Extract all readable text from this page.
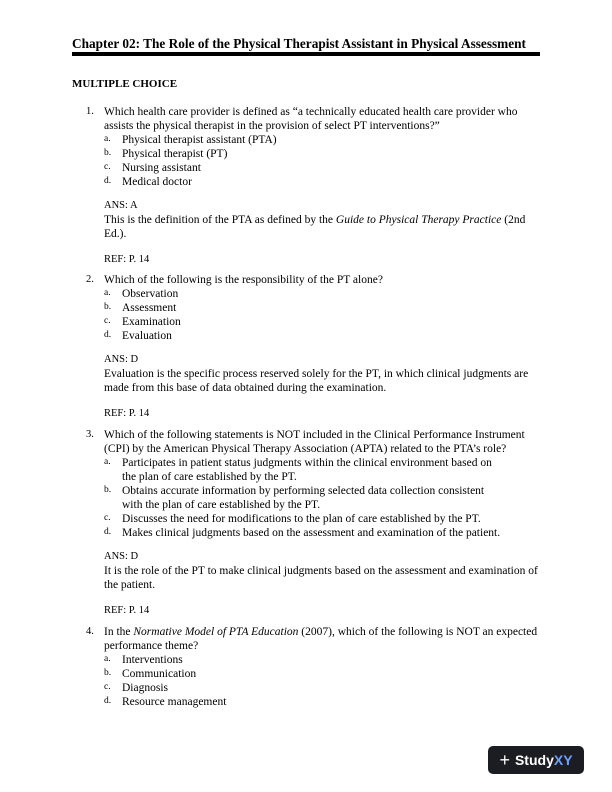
Chapter 02: The Role of the Physical Therapist Assistant in Physical Assessment
MULTIPLE CHOICE
1. Which health care provider is defined as “a technically educated health care provider who
assists the physical therapist in the provision of select PT interventions?”
a. Physical therapist assistant (PTA)
b. Physical therapist (PT)
c. Nursing assistant
d. Medical doctor
ANS: A
This is the definition of the PTA as defined by the Guide to Physical Therapy Practice (2nd
Ed.).
REF: P. 14
2. Which of the following is the responsibility of the PT alone?
a. Observation
b. Assessment
c. Examination
d. Evaluation
ANS: D
Evaluation is the specific process reserved solely for the PT, in which clinical judgments are
made from this base of data obtained during the examination.
REF: P. 14
3. Which of the following statements is NOT included in the Clinical Performance Instrument
(CPI) by the American Physical Therapy Association (APTA) related to the PTA’s role?
a. Participates in patient status judgments within the clinical environment based on
the plan of care established by the PT.
b. Obtains accurate information by performing selected data collection consistent
with the plan of care established by the PT.
c. Discusses the need for modifications to the plan of care established by the PT.
d. Makes clinical judgments based on the assessment and examination of the patient.
ANS: D
It is the role of the PT to make clinical judgments based on the assessment and examination of
the patient.
REF: P. 14
4. In the Normative Model of PTA Education (2007), which of the following is NOT an expected
performance theme?
a. Interventions
b. Communication
c. Diagnosis
d. Resource management
+ StudyXY
